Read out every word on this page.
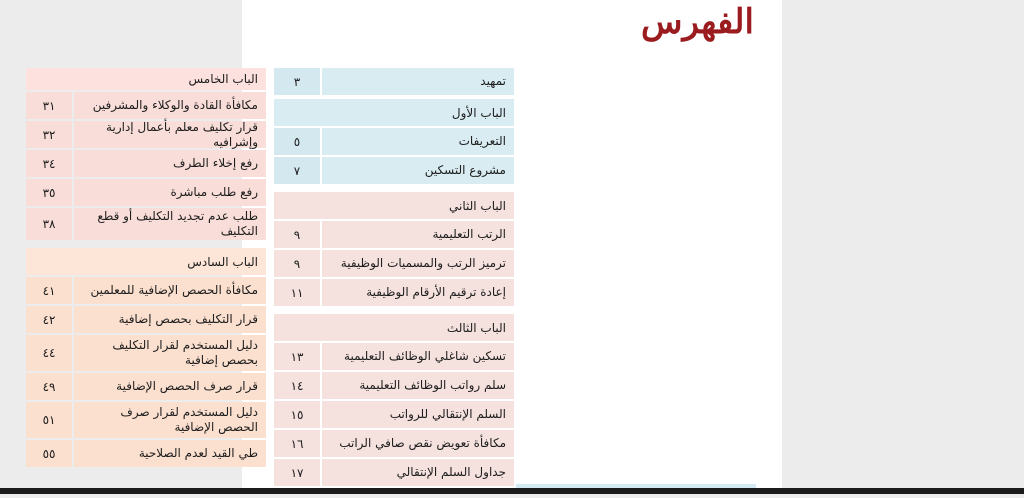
الفهرس
تمهيد
٣
الباب الأول
التعريفات
٥
مشروع التسكين
٧
الباب الثاني
الرتب التعليمية
٩
ترميز الرتب والمسميات الوظيفية
٩
إعادة ترقيم الأرقام الوظيفية
١١
الباب الثالث
تسكين شاغلي الوظائف التعليمية
١٣
سلم رواتب الوظائف التعليمية
١٤
السلم الإنتقالي للرواتب
١٥
مكافأة تعويض نقص صافي الراتب
١٦
جداول السلم الإنتقالي
١٧
الباب الخامس
مكافأة القادة والوكلاء والمشرفين
٣١
قرار تكليف معلم بأعمال إدارية وإشرافيه
٣٢
رفع إخلاء الطرف
٣٤
رفع طلب مباشرة
٣٥
طلب عدم تجديد التكليف أو قطع التكليف
٣٨
الباب السادس
مكافأة الحصص الإضافية للمعلمين
٤١
قرار التكليف بحصص إضافية
٤٢
دليل المستخدم لقرار التكليف بحصص إضافية
٤٤
قرار صرف الحصص الإضافية
٤٩
دليل المستخدم لقرار صرف الحصص الإضافية
٥١
طي القيد لعدم الصلاحية
٥٥
